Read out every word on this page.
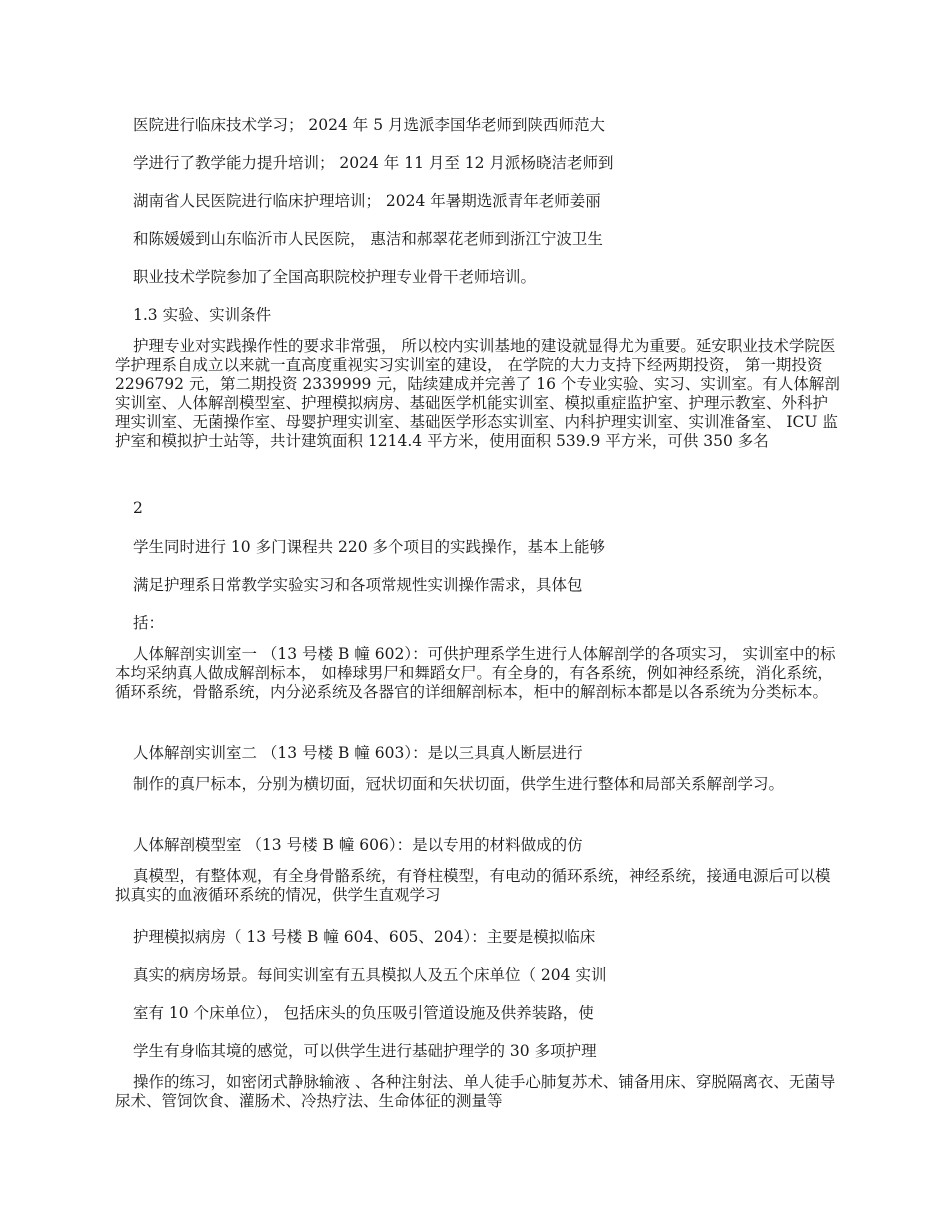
医院进行临床技术学习； 2024 年 5 月选派李国华老师到陕西师范大
学进行了教学能力提升培训； 2024 年 11 月至 12 月派杨晓洁老师到
湖南省人民医院进行临床护理培训； 2024 年暑期选派青年老师姜丽
和陈媛媛到山东临沂市人民医院， 惠洁和郝翠花老师到浙江宁波卫生
职业技术学院参加了全国高职院校护理专业骨干老师培训。
1.3 实验、实训条件
护理专业对实践操作性的要求非常强， 所以校内实训基地的建设就显得尤为重要。延安职业技术学院医学护理系自成立以来就一直高度重视实习实训室的建设， 在学院的大力支持下经两期投资， 第一期投资 2296792 元，第二期投资 2339999 元，陆续建成并完善了 16 个专业实验、实习、实训室。有人体解剖实训室、人体解剖模型室、护理模拟病房、基础医学机能实训室、模拟重症监护室、护理示教室、外科护理实训室、无菌操作室、母婴护理实训室、基础医学形态实训室、内科护理实训室、实训准备室、 ICU 监护室和模拟护士站等，共计建筑面积 1214.4 平方米，使用面积 539.9 平方米，可供 350 多名
2
学生同时进行 10 多门课程共 220 多个项目的实践操作，基本上能够
满足护理系日常教学实验实习和各项常规性实训操作需求，具体包
括：
人体解剖实训室一 （13 号楼 B 幢 602）：可供护理系学生进行人体解剖学的各项实习， 实训室中的标本均采纳真人做成解剖标本， 如棒球男尸和舞蹈女尸。有全身的，有各系统，例如神经系统，消化系统，循环系统，骨骼系统，内分泌系统及各器官的详细解剖标本，柜中的解剖标本都是以各系统为分类标本。
人体解剖实训室二 （13 号楼 B 幢 603）：是以三具真人断层进行
制作的真尸标本，分别为横切面，冠状切面和矢状切面，供学生进行整体和局部关系解剖学习。
人体解剖模型室 （13 号楼 B 幢 606）：是以专用的材料做成的仿
真模型，有整体观，有全身骨骼系统，有脊柱模型，有电动的循环系统，神经系统，接通电源后可以模拟真实的血液循环系统的情况，供学生直观学习
护理模拟病房（ 13 号楼 B 幢 604、605、204）：主要是模拟临床
真实的病房场景。每间实训室有五具模拟人及五个床单位（ 204 实训
室有 10 个床单位）， 包括床头的负压吸引管道设施及供养装路，使
学生有身临其境的感觉，可以供学生进行基础护理学的 30 多项护理
操作的练习，如密闭式静脉输液 、各种注射法、单人徒手心肺复苏术、铺备用床、穿脱隔离衣、无菌导尿术、管饲饮食、灌肠术、冷热疗法、生命体征的测量等
